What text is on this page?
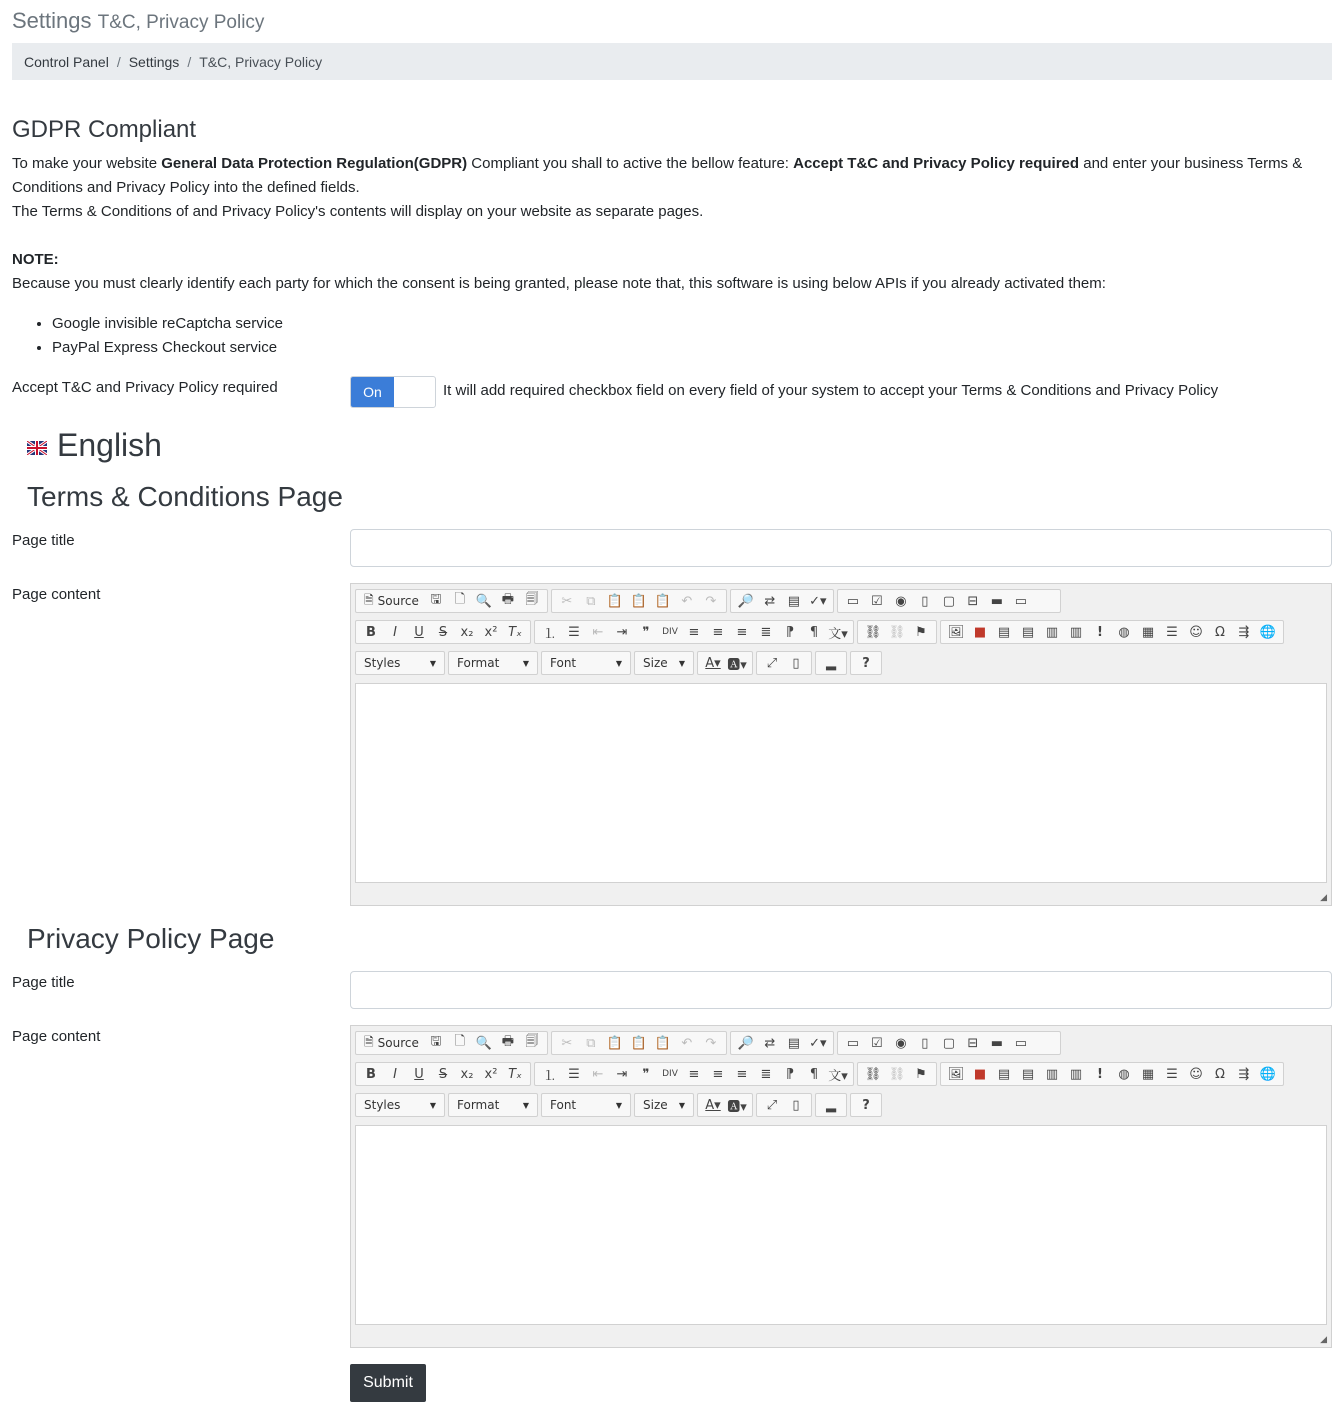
Settings T&C, Privacy Policy
Control Panel / Settings / T&C, Privacy Policy
GDPR Compliant
To make your website General Data Protection Regulation(GDPR) Compliant you shall to active the bellow feature: Accept T&C and Privacy Policy required and enter your business Terms & Conditions and Privacy Policy into the defined fields.
The Terms & Conditions of and Privacy Policy's contents will display on your website as separate pages.
NOTE:
Because you must clearly identify each party for which the consent is being granted, please note that, this software is using below APIs if you already activated them:
• Google invisible reCaptcha service
• PayPal Express Checkout service
Accept T&C and Privacy Policy required	On	It will add required checkbox field on every field of your system to accept your Terms & Conditions and Privacy Policy
English
Terms & Conditions Page
Page title
Page content	🗎 Source 🖫	🗋 🔍 🖶 🗐	✂	⧉ 📋 📋 📋 ↶	↷	🔎 ⇄ ▤ ✓▾	▭ ☑ ◉	▯	▢ ⊟ ▬ ▭
B	I	U	S	x₂ x² Tₓ	⒈ ☰ ⇤	⇥	❞	DIV ≡	≡	≡	≣	⁋	¶ 文▾ ⛓ ⛓ ⚑	🖼 ■ ▤ ▤ ▥ ▥	!	◍ ▦ ☰ ☺ Ω	⇶ 🌐
Styles	▼ Format	▼ Font	▼ Size ▼ A▾ 🅰▾	⤢	▯	▂	?
◢
Privacy Policy Page
Page title
Page content	🗎 Source 🖫	🗋 🔍 🖶 🗐	✂	⧉ 📋 📋 📋 ↶	↷	🔎 ⇄ ▤ ✓▾	▭ ☑ ◉	▯	▢ ⊟ ▬ ▭
B	I	U	S	x₂ x² Tₓ	⒈ ☰ ⇤	⇥	❞	DIV ≡	≡	≡	≣	⁋	¶ 文▾ ⛓ ⛓ ⚑	🖼 ■ ▤ ▤ ▥ ▥	!	◍ ▦ ☰ ☺ Ω	⇶ 🌐
Styles	▼ Format	▼ Font	▼ Size ▼ A▾ 🅰▾	⤢	▯	▂	?
◢
Submit
